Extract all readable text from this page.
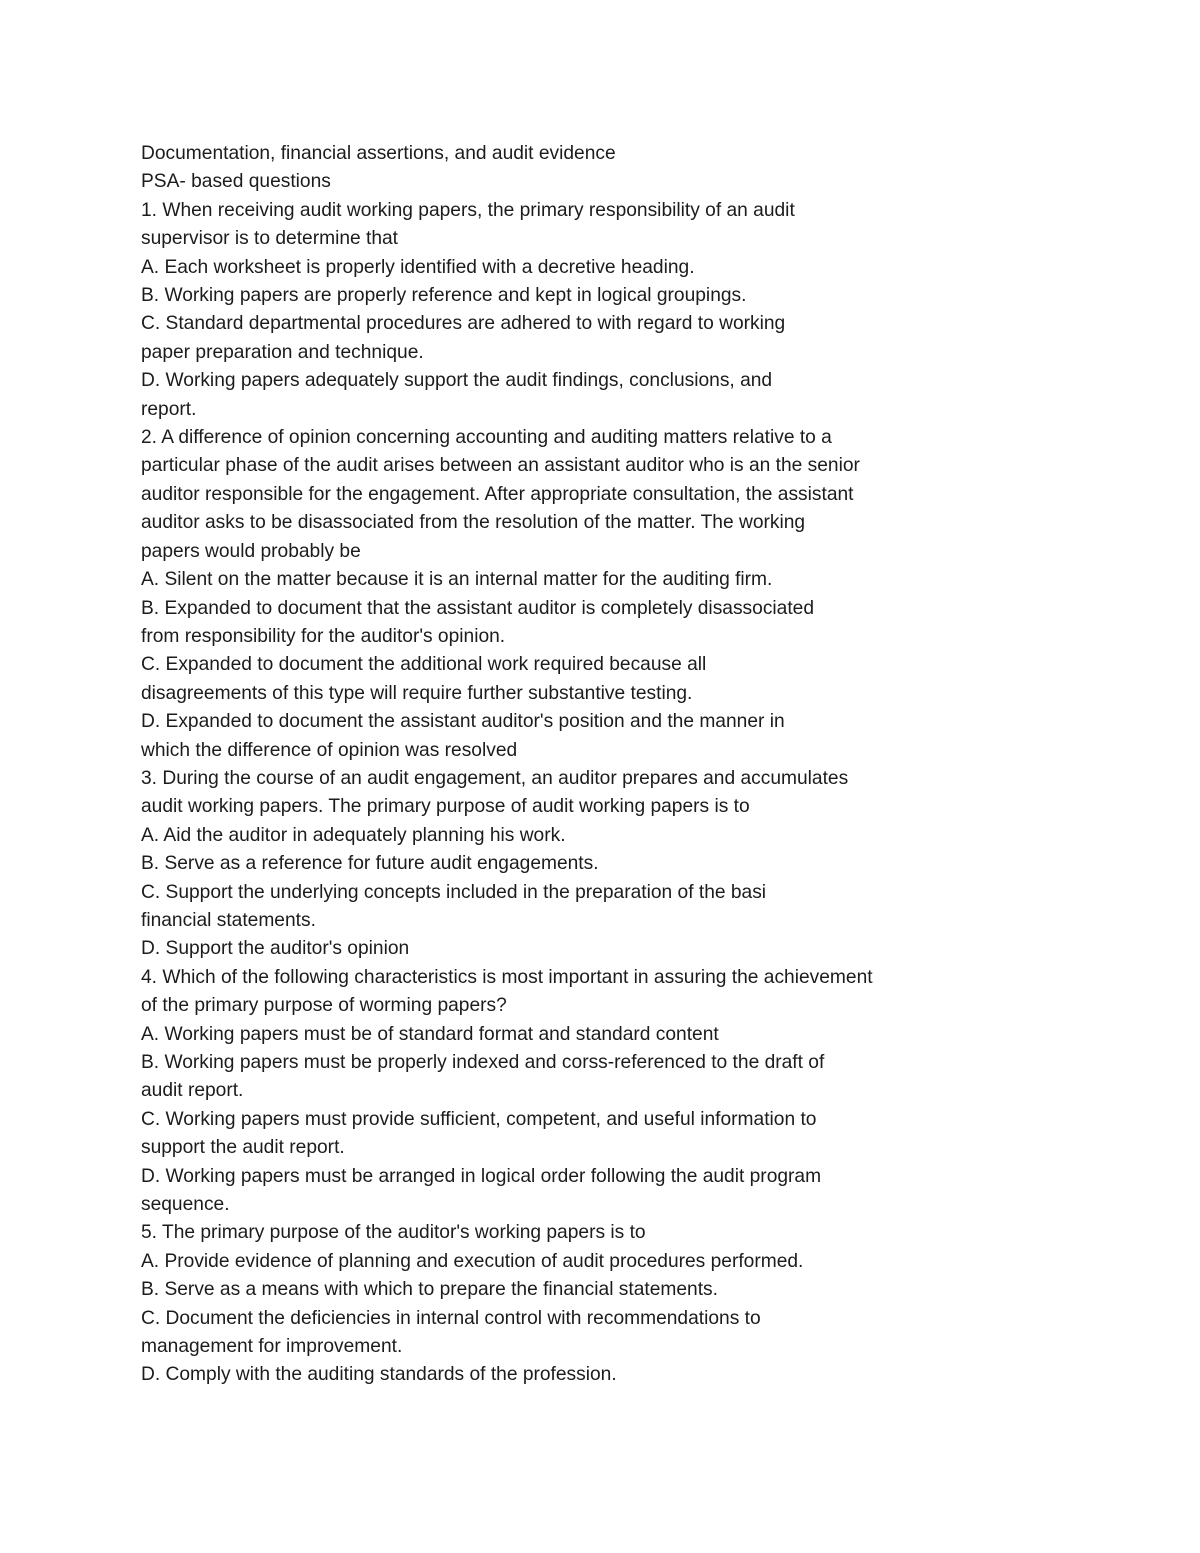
Documentation, financial assertions, and audit evidence
PSA- based questions
1. When receiving audit working papers, the primary responsibility of an audit
supervisor is to determine that
A. Each worksheet is properly identified with a decretive heading.
B. Working papers are properly reference and kept in logical groupings.
C. Standard departmental procedures are adhered to with regard to working
paper preparation and technique.
D. Working papers adequately support the audit findings, conclusions, and
report.
2. A difference of opinion concerning accounting and auditing matters relative to a
particular phase of the audit arises between an assistant auditor who is an the senior
auditor responsible for the engagement. After appropriate consultation, the assistant
auditor asks to be disassociated from the resolution of the matter. The working
papers would probably be
A. Silent on the matter because it is an internal matter for the auditing firm.
B. Expanded to document that the assistant auditor is completely disassociated
from responsibility for the auditor's opinion.
C. Expanded to document the additional work required because all
disagreements of this type will require further substantive testing.
D. Expanded to document the assistant auditor's position and the manner in
which the difference of opinion was resolved
3. During the course of an audit engagement, an auditor prepares and accumulates
audit working papers. The primary purpose of audit working papers is to
A. Aid the auditor in adequately planning his work.
B. Serve as a reference for future audit engagements.
C. Support the underlying concepts included in the preparation of the basi
financial statements.
D. Support the auditor's opinion
4. Which of the following characteristics is most important in assuring the achievement
of the primary purpose of worming papers?
A. Working papers must be of standard format and standard content
B. Working papers must be properly indexed and corss-referenced to the draft of
audit report.
C. Working papers must provide sufficient, competent, and useful information to
support the audit report.
D. Working papers must be arranged in logical order following the audit program
sequence.
5. The primary purpose of the auditor's working papers is to
A. Provide evidence of planning and execution of audit procedures performed.
B. Serve as a means with which to prepare the financial statements.
C. Document the deficiencies in internal control with recommendations to
management for improvement.
D. Comply with the auditing standards of the profession.
